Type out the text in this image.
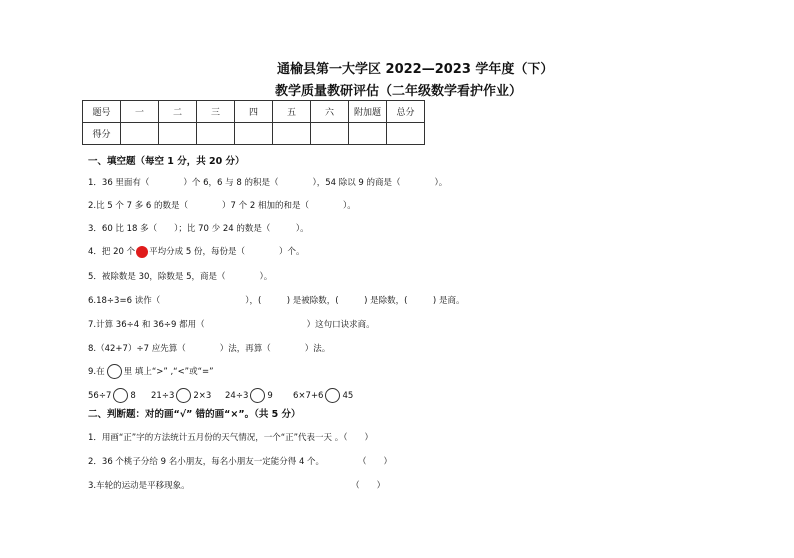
通榆县第一大学区 2022—2023 学年度（下）
教学质量教研评估（二年级数学看护作业）
题号	一	二	三	四	五	六	附加题	总分
得分								
一、填空题（每空 1 分，共 20 分）
1．36 里面有（　　　　）个 6，6 与 8 的积是（　　　　），54 除以 9 的商是（　　　　）。
2.比 5 个 7 多 6 的数是（　　　　）7 个 2 相加的和是（　　　　）。
3．60 比 18 多（　　）；比 70 少 24 的数是（　　　）。
4．把 20 个 平均分成 5 份，每份是（　　　　）个。
5．被除数是 30，除数是 5，商是（　　　　）。
6.18÷3=6 读作（　　　　　　　　　　），(　　　) 是被除数，(　　　) 是除数，(　　　) 是商。
7.计算 36÷4 和 36÷9 都用（　　　　　　　　　　　　）这句口诀求商。
8.（42+7）÷7 应先算（　　　　）法，再算（　　　　）法。
9.在 里 填上“>” ,“<”或“=”
56÷7 8 21÷3 2×3 24÷3 9 6×7+6 45
二、判断题：对的画“√” 错的画“×”。（共 5 分）
1．用画“正”字的方法统计五月份的天气情况，一个“正”代表一天 。（　　）
2．36 个桃子分给 9 名小朋友，每名小朋友一定能分得 4 个。　　　　　（　　）
3.车轮的运动是平移现象。　　　　　　　　　　　　　　　　　　　　（　　）
